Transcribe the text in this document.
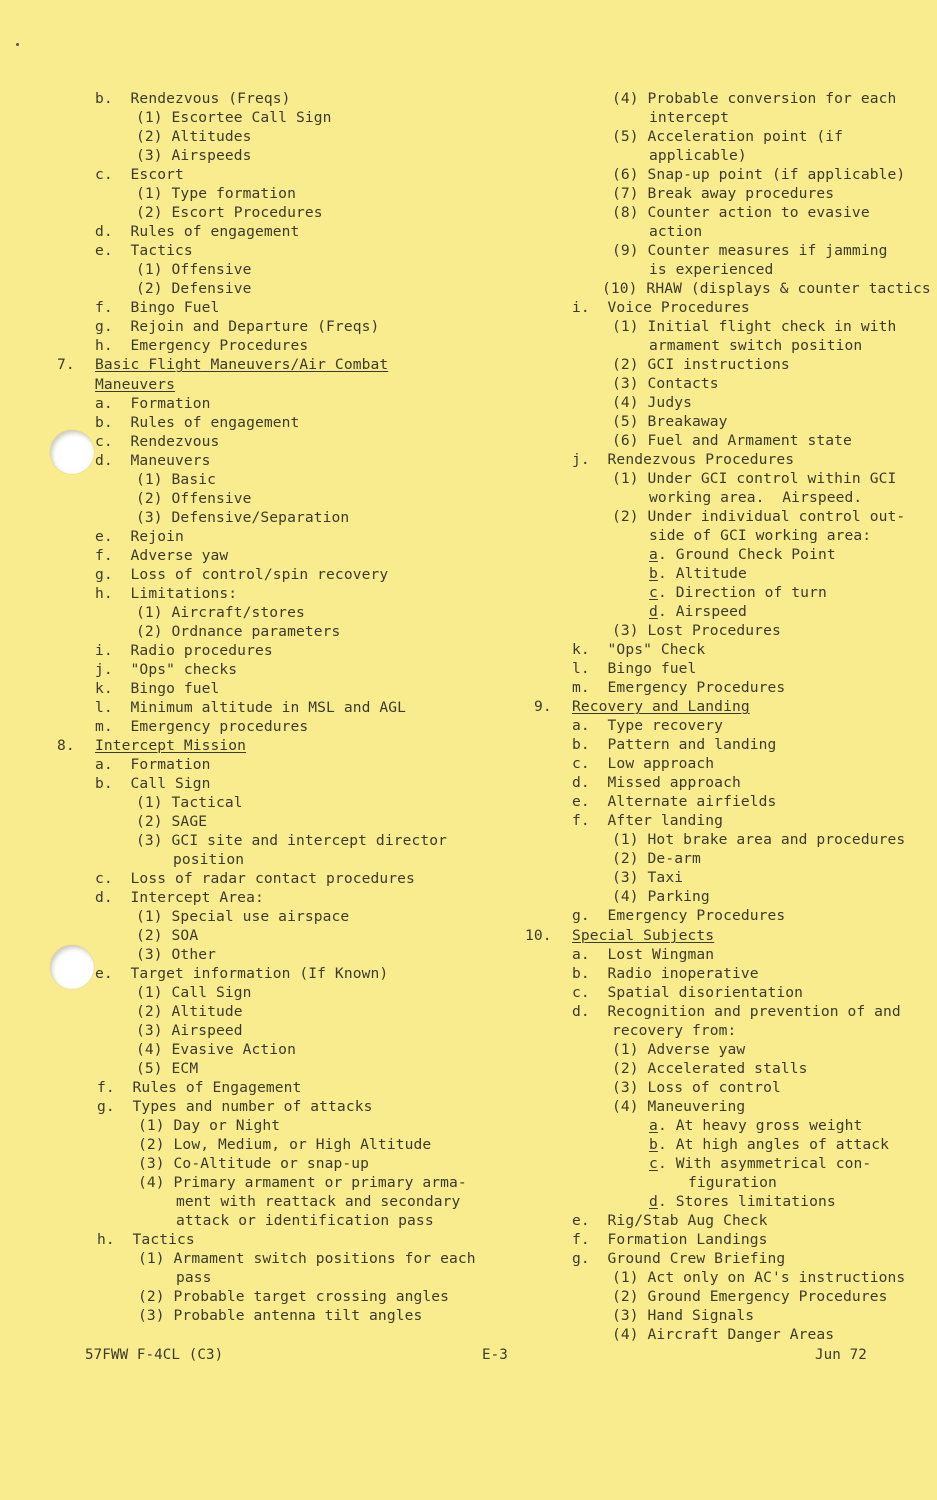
b.  Rendezvous (Freqs)
(1) Escortee Call Sign
(2) Altitudes
(3) Airspeeds
c.  Escort
(1) Type formation
(2) Escort Procedures
d.  Rules of engagement
e.  Tactics
(1) Offensive
(2) Defensive
f.  Bingo Fuel
g.  Rejoin and Departure (Freqs)
h.  Emergency Procedures
7. Basic Flight Maneuvers/Air Combat
Maneuvers
a.  Formation
b.  Rules of engagement
c.  Rendezvous
d.  Maneuvers
(1) Basic
(2) Offensive
(3) Defensive/Separation
e.  Rejoin
f.  Adverse yaw
g.  Loss of control/spin recovery
h.  Limitations:
(1) Aircraft/stores
(2) Ordnance parameters
i.  Radio procedures
j.  "Ops" checks
k.  Bingo fuel
l.  Minimum altitude in MSL and AGL
m.  Emergency procedures
8. Intercept Mission
a.  Formation
b.  Call Sign
(1) Tactical
(2) SAGE
(3) GCI site and intercept director
position
c.  Loss of radar contact procedures
d.  Intercept Area:
(1) Special use airspace
(2) SOA
(3) Other
e.  Target information (If Known)
(1) Call Sign
(2) Altitude
(3) Airspeed
(4) Evasive Action
(5) ECM
f.  Rules of Engagement
g.  Types and number of attacks
(1) Day or Night
(2) Low, Medium, or High Altitude
(3) Co-Altitude or snap-up
(4) Primary armament or primary arma-
ment with reattack and secondary
attack or identification pass
h.  Tactics
(1) Armament switch positions for each
pass
(2) Probable target crossing angles
(3) Probable antenna tilt angles
(4) Probable conversion for each
intercept
(5) Acceleration point (if
applicable)
(6) Snap-up point (if applicable)
(7) Break away procedures
(8) Counter action to evasive
action
(9) Counter measures if jamming
is experienced
(10) RHAW (displays & counter tactics
i.  Voice Procedures
(1) Initial flight check in with
armament switch position
(2) GCI instructions
(3) Contacts
(4) Judys
(5) Breakaway
(6) Fuel and Armament state
j.  Rendezvous Procedures
(1) Under GCI control within GCI
working area.  Airspeed.
(2) Under individual control out-
side of GCI working area:
a . Ground Check Point
b . Altitude
c . Direction of turn
d . Airspeed
(3) Lost Procedures
k.  "Ops" Check
l.  Bingo fuel
m.  Emergency Procedures
9. Recovery and Landing
a.  Type recovery
b.  Pattern and landing
c.  Low approach
d.  Missed approach
e.  Alternate airfields
f.  After landing
(1) Hot brake area and procedures
(2) De-arm
(3) Taxi
(4) Parking
g.  Emergency Procedures
10. Special Subjects
a.  Lost Wingman
b.  Radio inoperative
c.  Spatial disorientation
d.  Recognition and prevention of and
recovery from:
(1) Adverse yaw
(2) Accelerated stalls
(3) Loss of control
(4) Maneuvering
a . At heavy gross weight
b . At high angles of attack
c . With asymmetrical con-
figuration
d . Stores limitations
e.  Rig/Stab Aug Check
f.  Formation Landings
g.  Ground Crew Briefing
(1) Act only on AC's instructions
(2) Ground Emergency Procedures
(3) Hand Signals
(4) Aircraft Danger Areas
57FWW F-4CL (C3)	E-3	Jun 72
